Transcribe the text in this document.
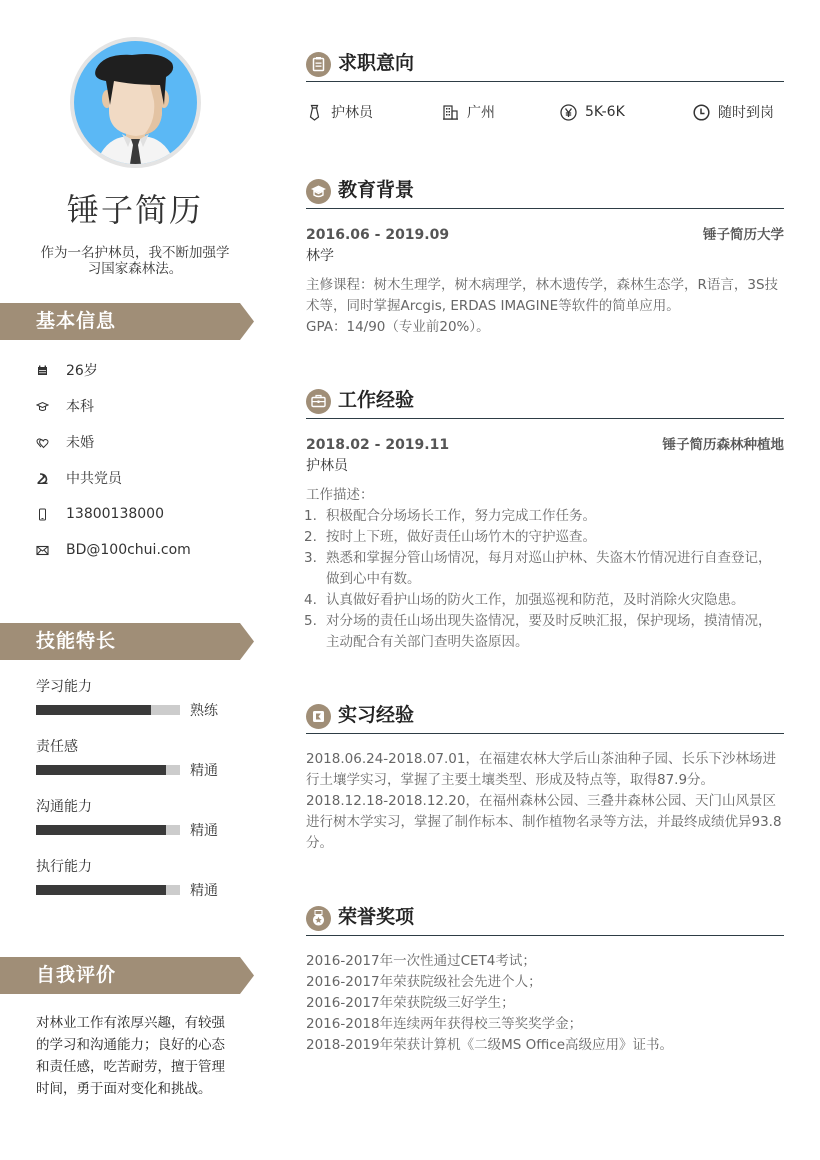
锤子简历
作为一名护林员，我不断加强学习国家森林法。
基本信息
26岁
本科
未婚
中共党员
13800138000
BD@100chui.com
技能特长
学习能力
熟练
责任感
精通
沟通能力
精通
执行能力
精通
自我评价
对林业工作有浓厚兴趣，有较强的学习和沟通能力；良好的心态和责任感，吃苦耐劳，擅于管理时间，勇于面对变化和挑战。
求职意向
护林员	广州	5K-6K	随时到岗
教育背景
2016.06 - 2019.09	锤子简历大学
林学
主修课程：树木生理学，树木病理学，林木遗传学，森林生态学，R语言，3S技术等，同时掌握Arcgis, ERDAS IMAGINE等软件的简单应用。
GPA：14/90（专业前20%）。
工作经验
2018.02 - 2019.11	锤子简历森林种植地
护林员
工作描述：
1. 积极配合分场场长工作，努力完成工作任务。
2. 按时上下班，做好责任山场竹木的守护巡查。
3. 熟悉和掌握分管山场情况，每月对巡山护林、失盗木竹情况进行自查登记，做到心中有数。
4. 认真做好看护山场的防火工作，加强巡视和防范，及时消除火灾隐患。
5. 对分场的责任山场出现失盗情况，要及时反映汇报，保护现场，摸清情况，主动配合有关部门查明失盗原因。
实习经验
2018.06.24-2018.07.01，在福建农林大学后山茶油种子园、长乐下沙林场进行土壤学实习，掌握了主要土壤类型、形成及特点等，取得87.9分。
2018.12.18-2018.12.20，在福州森林公园、三叠井森林公园、天门山风景区进行树木学实习，掌握了制作标本、制作植物名录等方法，并最终成绩优异93.8分。
荣誉奖项
2016-2017年一次性通过CET4考试；
2016-2017年荣获院级社会先进个人；
2016-2017年荣获院级三好学生；
2016-2018年连续两年获得校三等奖奖学金；
2018-2019年荣获计算机《二级MS Office高级应用》证书。
